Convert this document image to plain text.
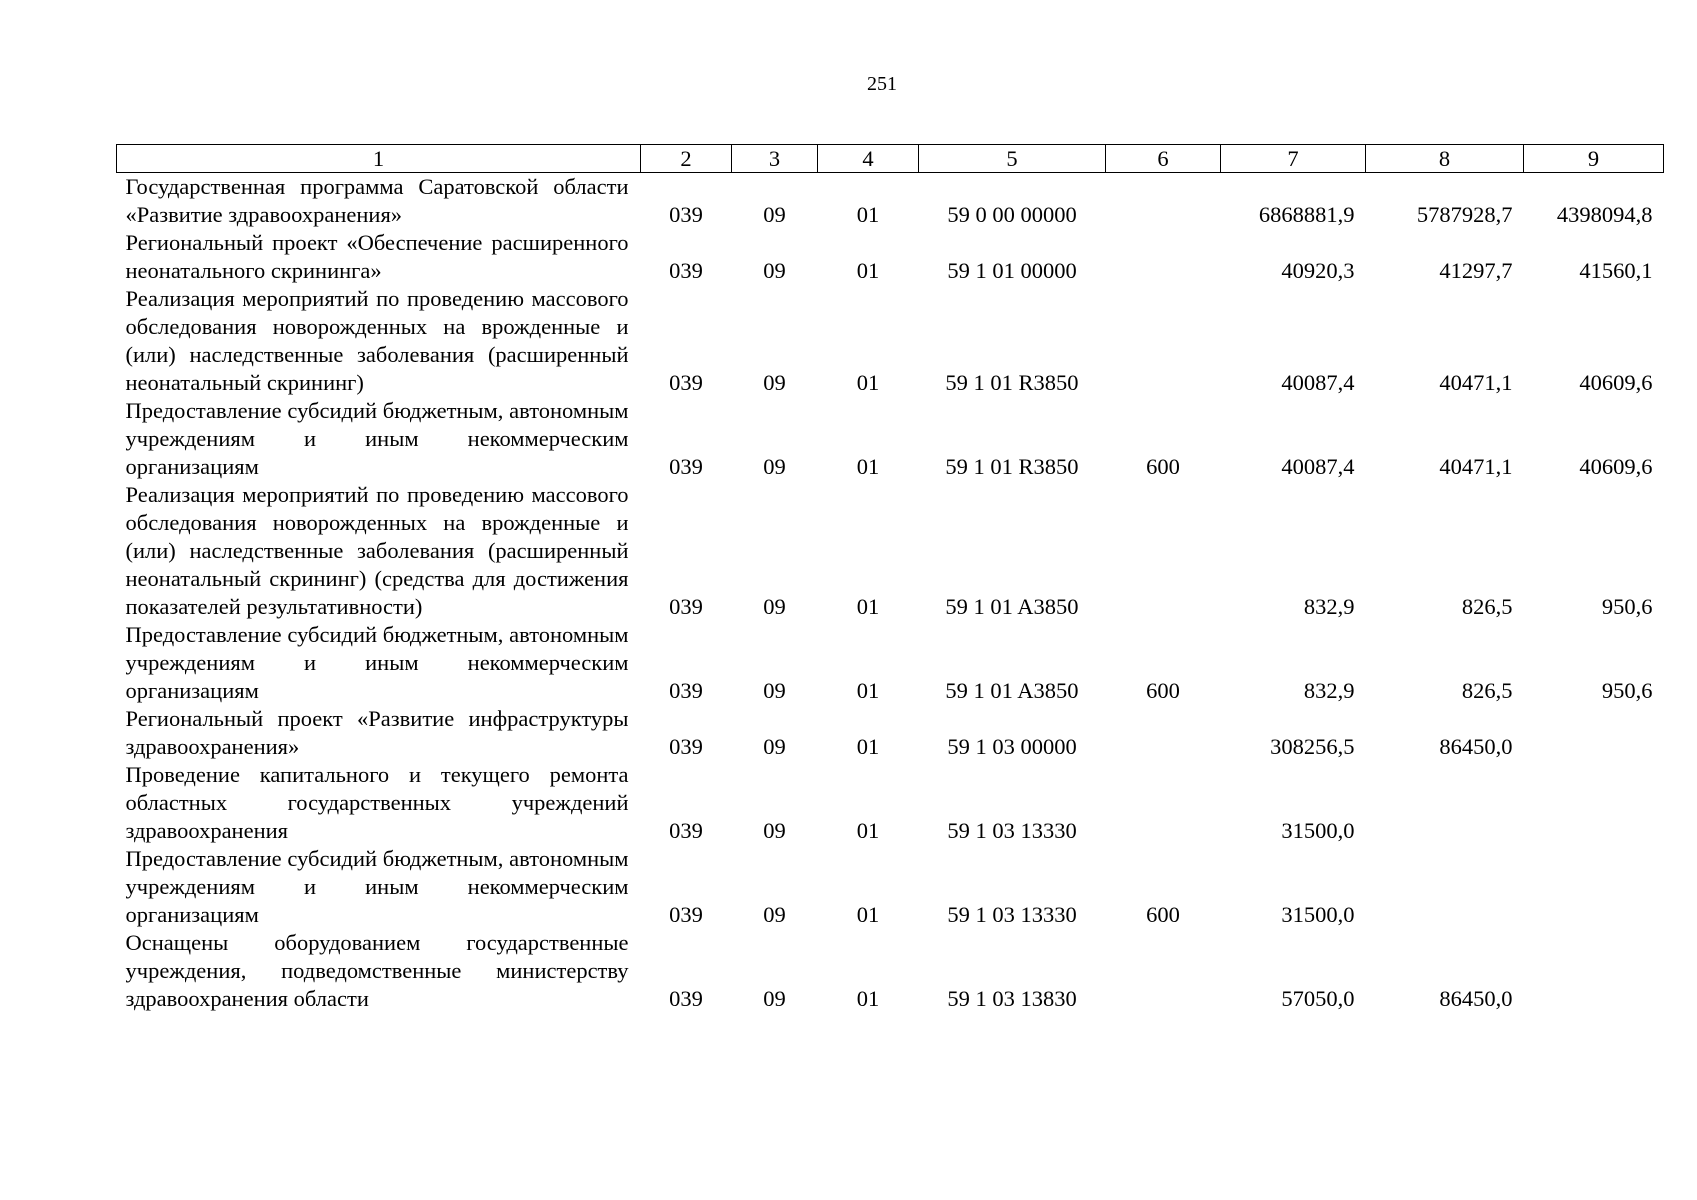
251
1	2	3	4	5	6	7	8	9
Государственная программа Саратовской области «Развитие здравоохранения»	039	09	01	59 0 00 00000		6868881,9	5787928,7	4398094,8
Региональный проект «Обеспечение расширенного неонатального скрининга»	039	09	01	59 1 01 00000		40920,3	41297,7	41560,1
Реализация мероприятий по проведению массового обследования новорожденных на врожденные и (или) наследственные заболевания (расширенный неонатальный скрининг)	039	09	01	59 1 01 R3850		40087,4	40471,1	40609,6
Предоставление субсидий бюджетным, автономным учреждениям и иным некоммерческим организациям	039	09	01	59 1 01 R3850	600	40087,4	40471,1	40609,6
Реализация мероприятий по проведению массового обследования новорожденных на врожденные и (или) наследственные заболевания (расширенный неонатальный скрининг) (средства для достижения показателей результативности)	039	09	01	59 1 01 A3850		832,9	826,5	950,6
Предоставление субсидий бюджетным, автономным учреждениям и иным некоммерческим организациям	039	09	01	59 1 01 A3850	600	832,9	826,5	950,6
Региональный проект «Развитие инфраструктуры здравоохранения»	039	09	01	59 1 03 00000		308256,5	86450,0	
Проведение капитального и текущего ремонта областных государственных учреждений здравоохранения	039	09	01	59 1 03 13330		31500,0		
Предоставление субсидий бюджетным, автономным учреждениям и иным некоммерческим организациям	039	09	01	59 1 03 13330	600	31500,0		
Оснащены оборудованием государственные учреждения, подведомственные министерству здравоохранения области	039	09	01	59 1 03 13830		57050,0	86450,0	
